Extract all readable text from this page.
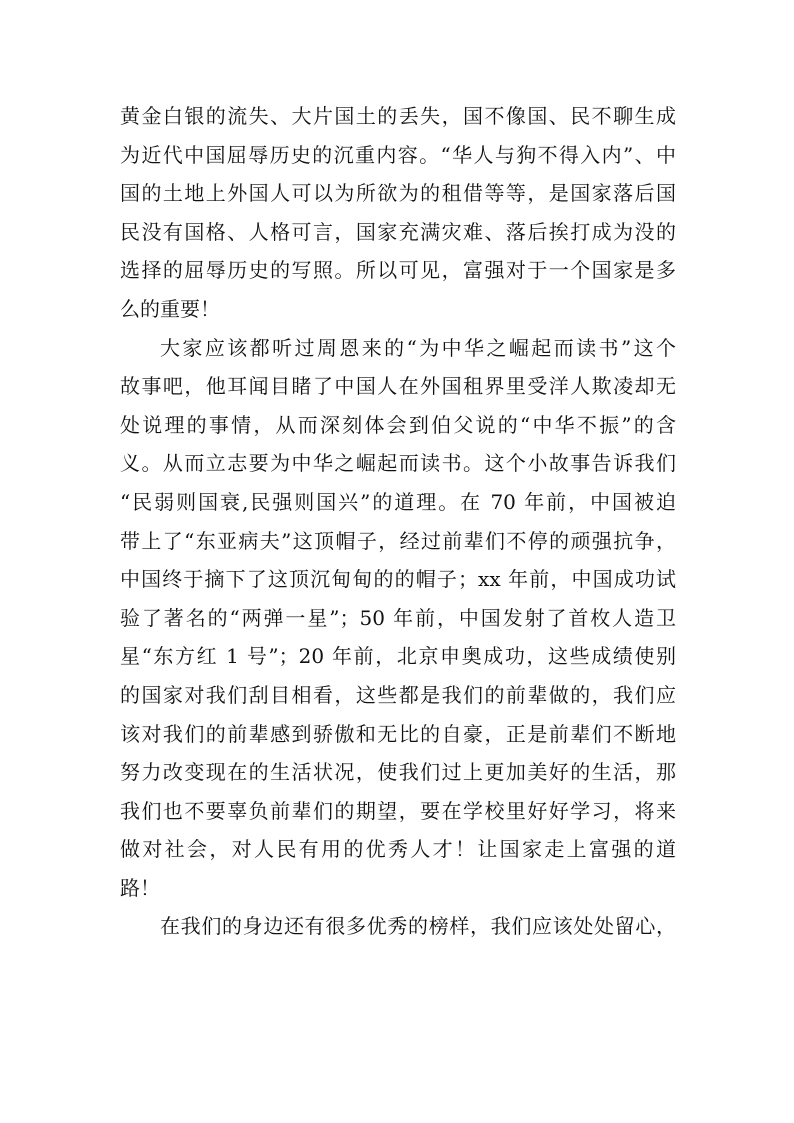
黄金白银的流失、大片国土的丢失，国不像国、民不聊生成
为近代中国屈辱历史的沉重内容。“华人与狗不得入内”、中
国的土地上外国人可以为所欲为的租借等等，是国家落后国
民没有国格、人格可言，国家充满灾难、落后挨打成为没的
选择的屈辱历史的写照。所以可见，富强对于一个国家是多
么的重要！
大家应该都听过周恩来的“为中华之崛起而读书”这个
故事吧，他耳闻目睹了中国人在外国租界里受洋人欺凌却无
处说理的事情，从而深刻体会到伯父说的“中华不振”的含
义。从而立志要为中华之崛起而读书。这个小故事告诉我们
“民弱则国衰,民强则国兴”的道理。在 70 年前，中国被迫
带上了“东亚病夫”这顶帽子，经过前辈们不停的顽强抗争，
中国终于摘下了这顶沉甸甸的的帽子；xx 年前，中国成功试
验了著名的“两弹一星”；50 年前，中国发射了首枚人造卫
星“东方红 1 号”；20 年前，北京申奥成功，这些成绩使别
的国家对我们刮目相看，这些都是我们的前辈做的，我们应
该对我们的前辈感到骄傲和无比的自豪，正是前辈们不断地
努力改变现在的生活状况，使我们过上更加美好的生活，那
我们也不要辜负前辈们的期望，要在学校里好好学习，将来
做对社会，对人民有用的优秀人才！让国家走上富强的道
路！
在我们的身边还有很多优秀的榜样，我们应该处处留心，
